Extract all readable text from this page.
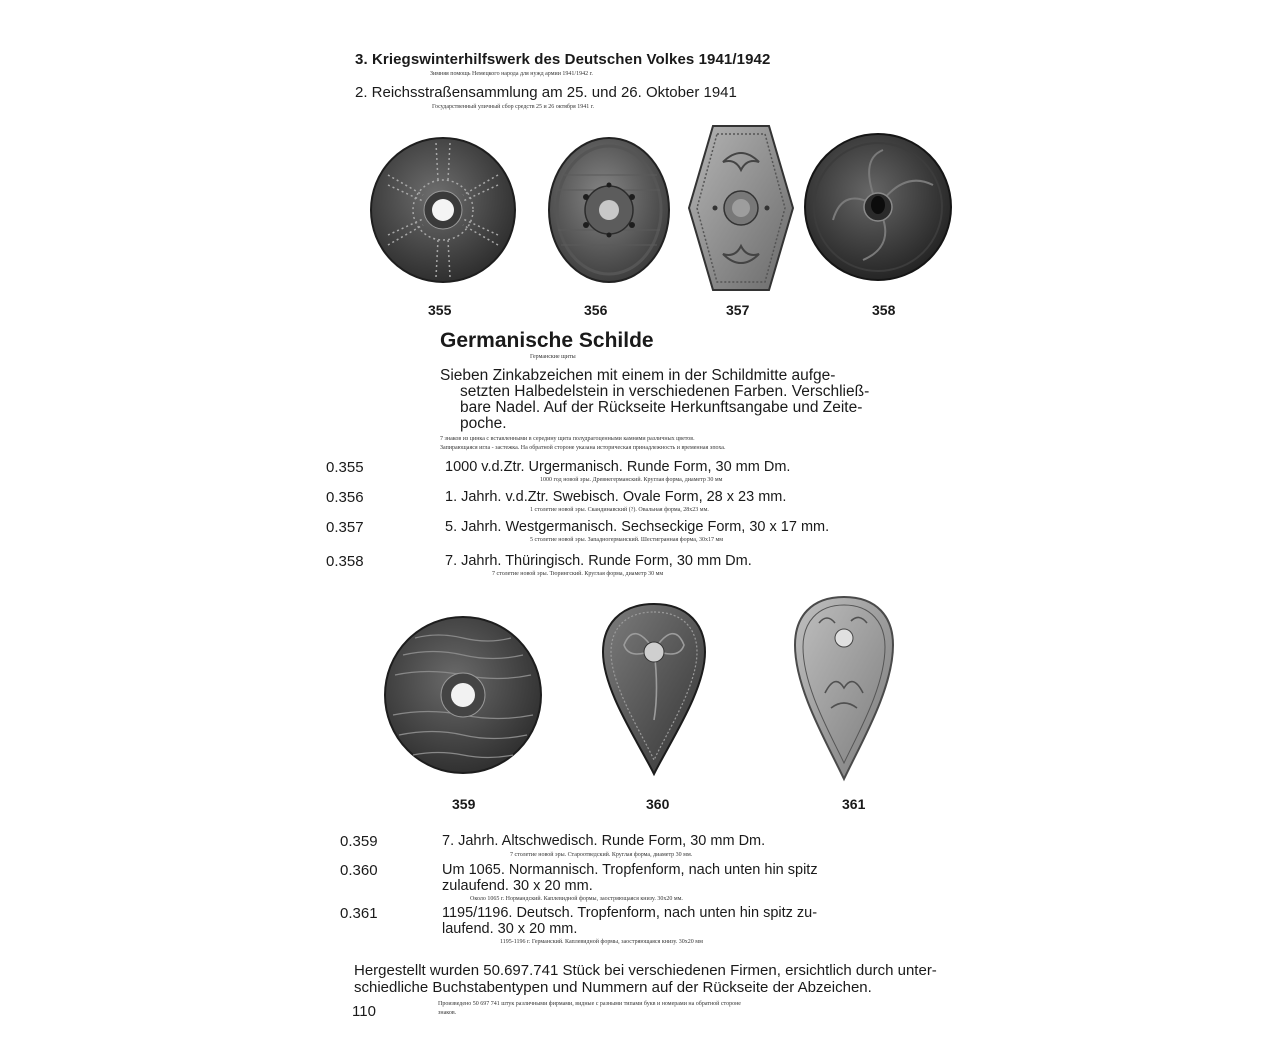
3. Kriegswinterhilfswerk des Deutschen Volkes 1941/1942
Зимняя помощь Немецкого народа для нужд армии 1941/1942 г.
2. Reichsstraßensammlung am 25. und 26. Oktober 1941
Государственный уличный сбор средств 25 и 26 октября 1941 г.
355	356	357	358
Germanische Schilde
Германские щиты
Sieben Zinkabzeichen mit einem in der Schildmitte aufge-
setzten Halbedelstein in verschiedenen Farben. Verschließ-
bare Nadel. Auf der Rückseite Herkunftsangabe und Zeite-
poche.
7 знаков из цинка с вставленными в середину щита полудрагоценными камнями различных цветов.
Запирающаяся игла - застежка. На обратной стороне указана историческая принадлежность и временная эпоха.
0.355	1000 v.d.Ztr. Urgermanisch. Runde Form, 30 mm Dm.
1000 год новой эры. Древнегерманский. Круглая форма, диаметр 30 мм
0.356	1. Jahrh. v.d.Ztr. Swebisch. Ovale Form, 28 x 23 mm.
1 столетие новой эры. Скандинавский (?). Овальная форма, 28x23 мм.
0.357	5. Jahrh. Westgermanisch. Sechseckige Form, 30 x 17 mm.
5 столетие новой эры. Западногерманский. Шестигранная форма, 30x17 мм
0.358	7. Jahrh. Thüringisch. Runde Form, 30 mm Dm.
7 столетие новой эры. Тюрингский. Круглая форма, диаметр 30 мм
359	360	361
0.359	7. Jahrh. Altschwedisch. Runde Form, 30 mm Dm.
7 столетие новой эры. Староотведский. Круглая форма, диаметр 30 мм.
0.360	Um 1065. Normannisch. Tropfenform, nach unten hin spitz
zulaufend. 30 x 20 mm.
Около 1065 г. Нормандский. Каплевидной формы, заостряющаяся книзу. 30x20 мм.
0.361	1195/1196. Deutsch. Tropfenform, nach unten hin spitz zu-
laufend. 30 x 20 mm.
1195-1196 г. Германский. Каплевидной формы, заостряющаяся книзу. 30x20 мм
Hergestellt wurden 50.697.741 Stück bei verschiedenen Firmen, ersichtlich durch unter-
schiedliche Buchstabentypen und Nummern auf der Rückseite der Abzeichen.
110	Произведено 50 697 741 штук различными фирмами, видные с разными типами букв и номерами на обратной стороне
знаков.
